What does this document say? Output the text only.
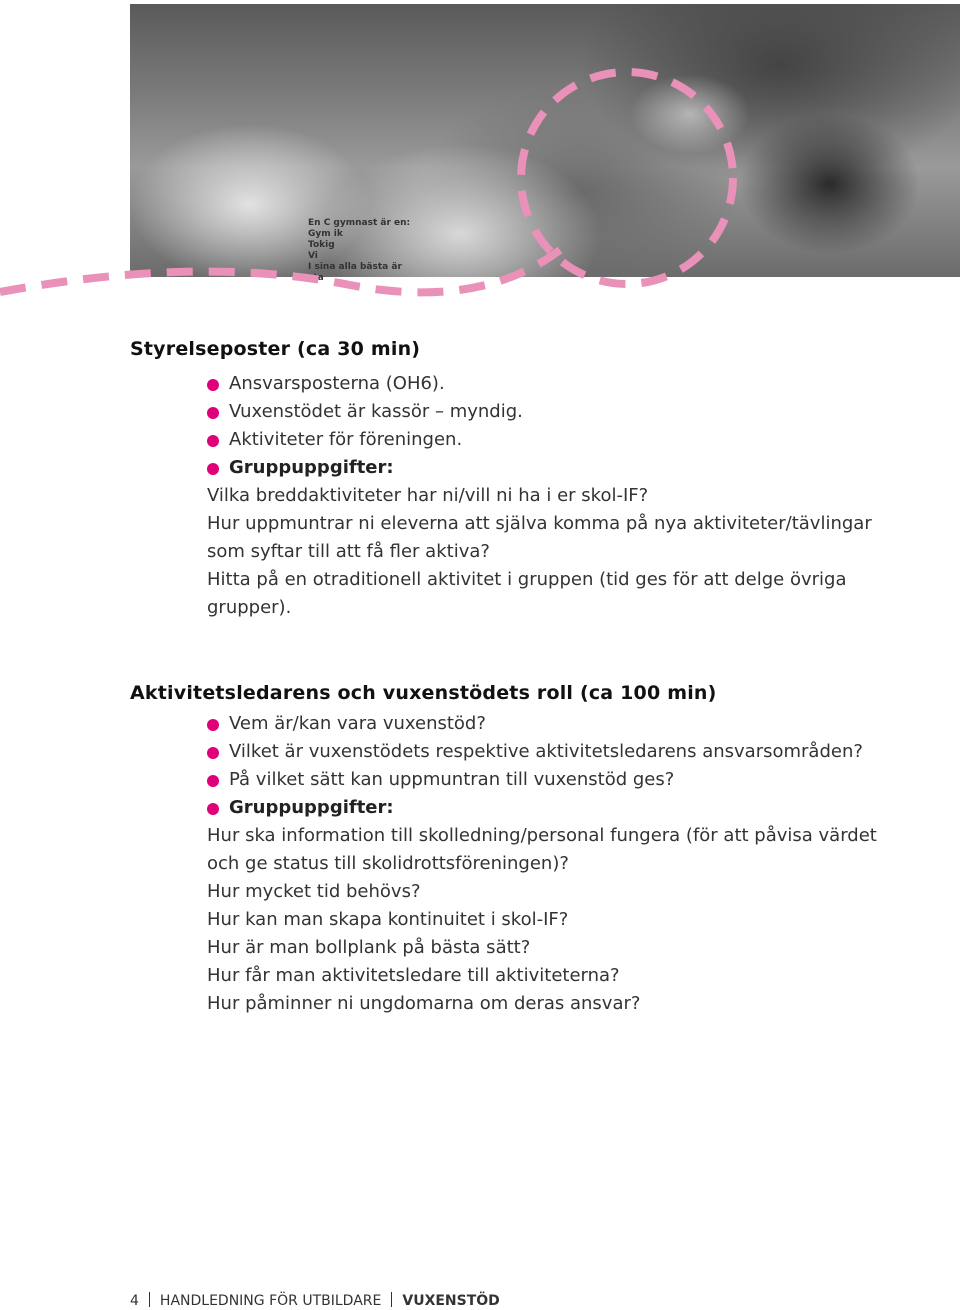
En C gymnast är en:
Gym ik
Tokig
Vi
I sina alla bästa är
sta
Styrelseposter (ca 30 min)
Ansvarsposterna (OH6).
Vuxenstödet är kassör – myndig.
Aktiviteter för föreningen.
Gruppuppgifter:
Vilka breddaktiviteter har ni/vill ni ha i er skol-IF?
Hur uppmuntrar ni eleverna att själva komma på nya aktiviteter/tävlingar
som syftar till att få fler aktiva?
Hitta på en otraditionell aktivitet i gruppen (tid ges för att delge övriga
grupper).
Aktivitetsledarens och vuxenstödets roll (ca 100 min)
Vem är/kan vara vuxenstöd?
Vilket är vuxenstödets respektive aktivitetsledarens ansvarsområden?
På vilket sätt kan uppmuntran till vuxenstöd ges?
Gruppuppgifter:
Hur ska information till skolledning/personal fungera (för att påvisa värdet
och ge status till skolidrottsföreningen)?
Hur mycket tid behövs?
Hur kan man skapa kontinuitet i skol-IF?
Hur är man bollplank på bästa sätt?
Hur får man aktivitetsledare till aktiviteterna?
Hur påminner ni ungdomarna om deras ansvar?
4 HANDLEDNING FÖR UTBILDARE VUXENSTÖD
